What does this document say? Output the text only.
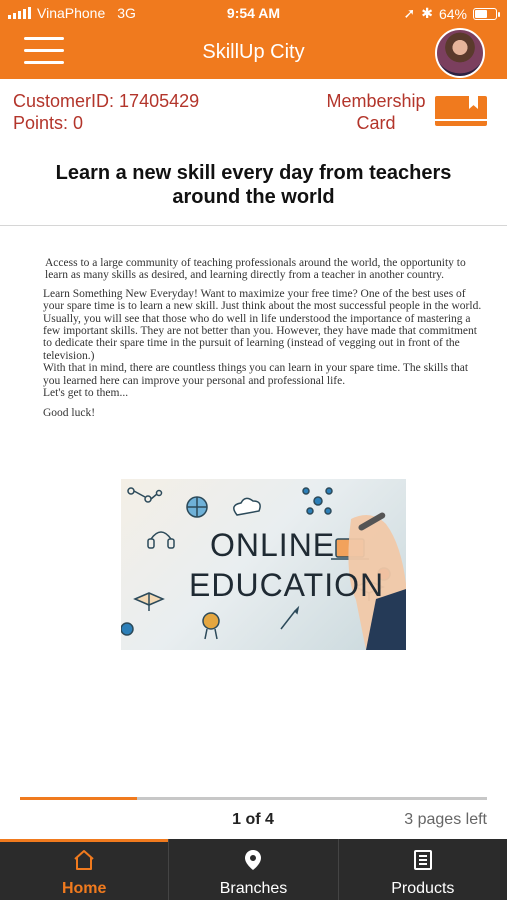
VinaPhone 3G	9:54 AM	➚ ✱ 64%
SkillUp City
CustomerID: 17405429
Points: 0
Membership
Card
Learn a new skill every day from teachers around the world

Access to a large community of teaching professionals around the world, the opportunity to learn as many skills as desired, and learning directly from a teacher in another country.

Learn Something New Everyday! Want to maximize your free time? One of the best uses of your spare time is to learn a new skill. Just think about the most successful people in the world. Usually, you will see that those who do well in life understood the importance of mastering a few important skills. They are not better than you. However, they have made that commitment to dedicate their spare time in the pursuit of learning (instead of vegging out in front of the television.)
With that in mind, there are countless things you can learn in your spare time. The skills that you learned here can improve your personal and professional life.
Let's get to them...

Good luck!

ONLINE
EDUCATION
1 of 4	3 pages left
Home	Branches	Products
